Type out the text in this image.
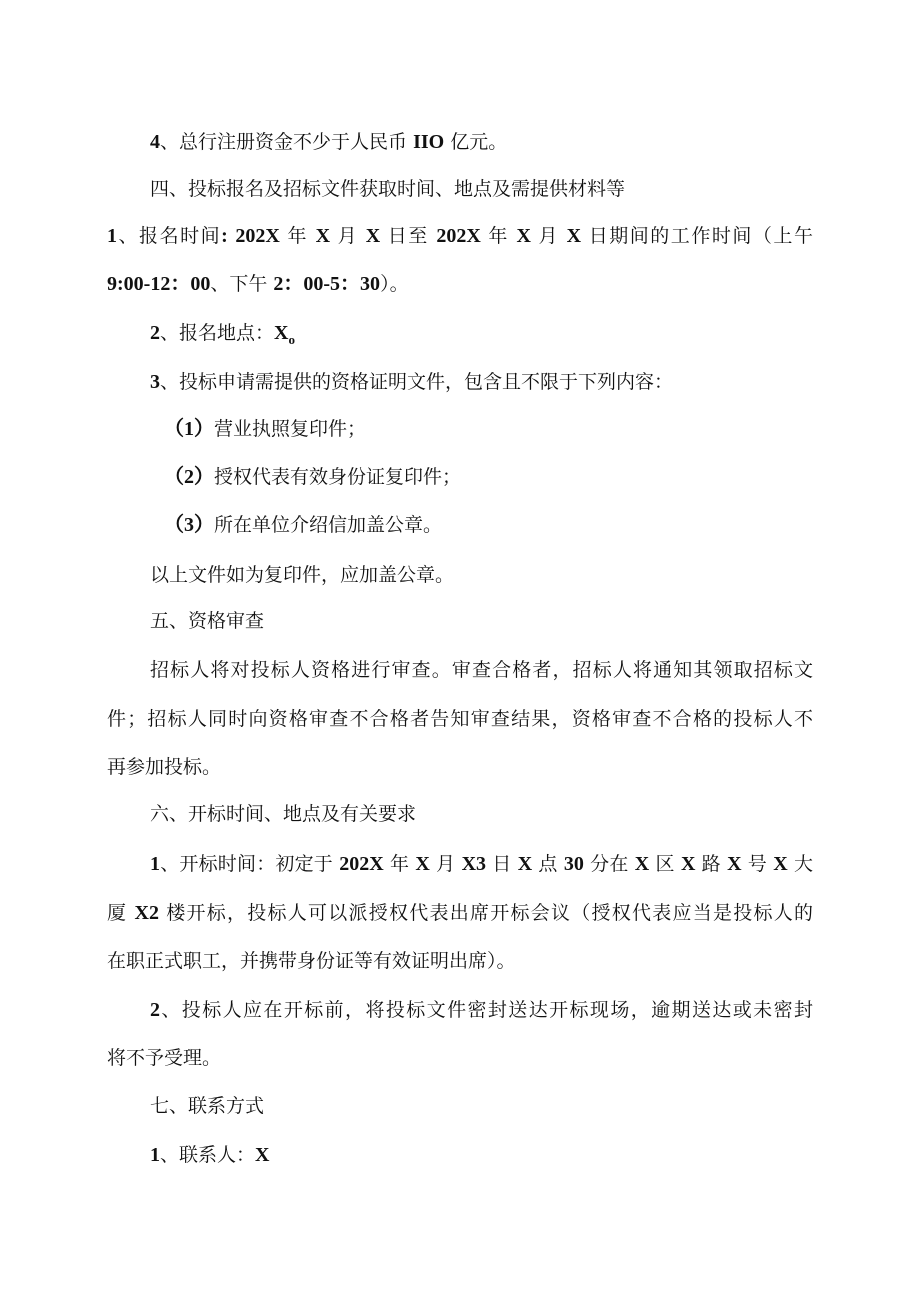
4、总行注册资金不少于人民币 IIO 亿元。
四、投标报名及招标文件获取时间、地点及需提供材料等
1、报名时间: 202X 年 X 月 X 日至 202X 年 X 月 X 日期间的工作时间（上午
9:00-12：00、下午 2：00-5：30）。
2、报名地点：$X_o$
3、投标申请需提供的资格证明文件，包含且不限于下列内容：
（1）营业执照复印件；
（2）授权代表有效身份证复印件；
（3）所在单位介绍信加盖公章。
以上文件如为复印件，应加盖公章。
五、资格审查
招标人将对投标人资格进行审查。审查合格者，招标人将通知其领取招标文
件；招标人同时向资格审查不合格者告知审查结果，资格审查不合格的投标人不
再参加投标。
六、开标时间、地点及有关要求
1、开标时间：初定于 202X 年 X 月 X3 日 X 点 30 分在 X 区 X 路 X 号 X 大
厦 X2 楼开标，投标人可以派授权代表出席开标会议（授权代表应当是投标人的
在职正式职工，并携带身份证等有效证明出席）。
2、投标人应在开标前，将投标文件密封送达开标现场，逾期送达或未密封
将不予受理。
七、联系方式
1、联系人：X
